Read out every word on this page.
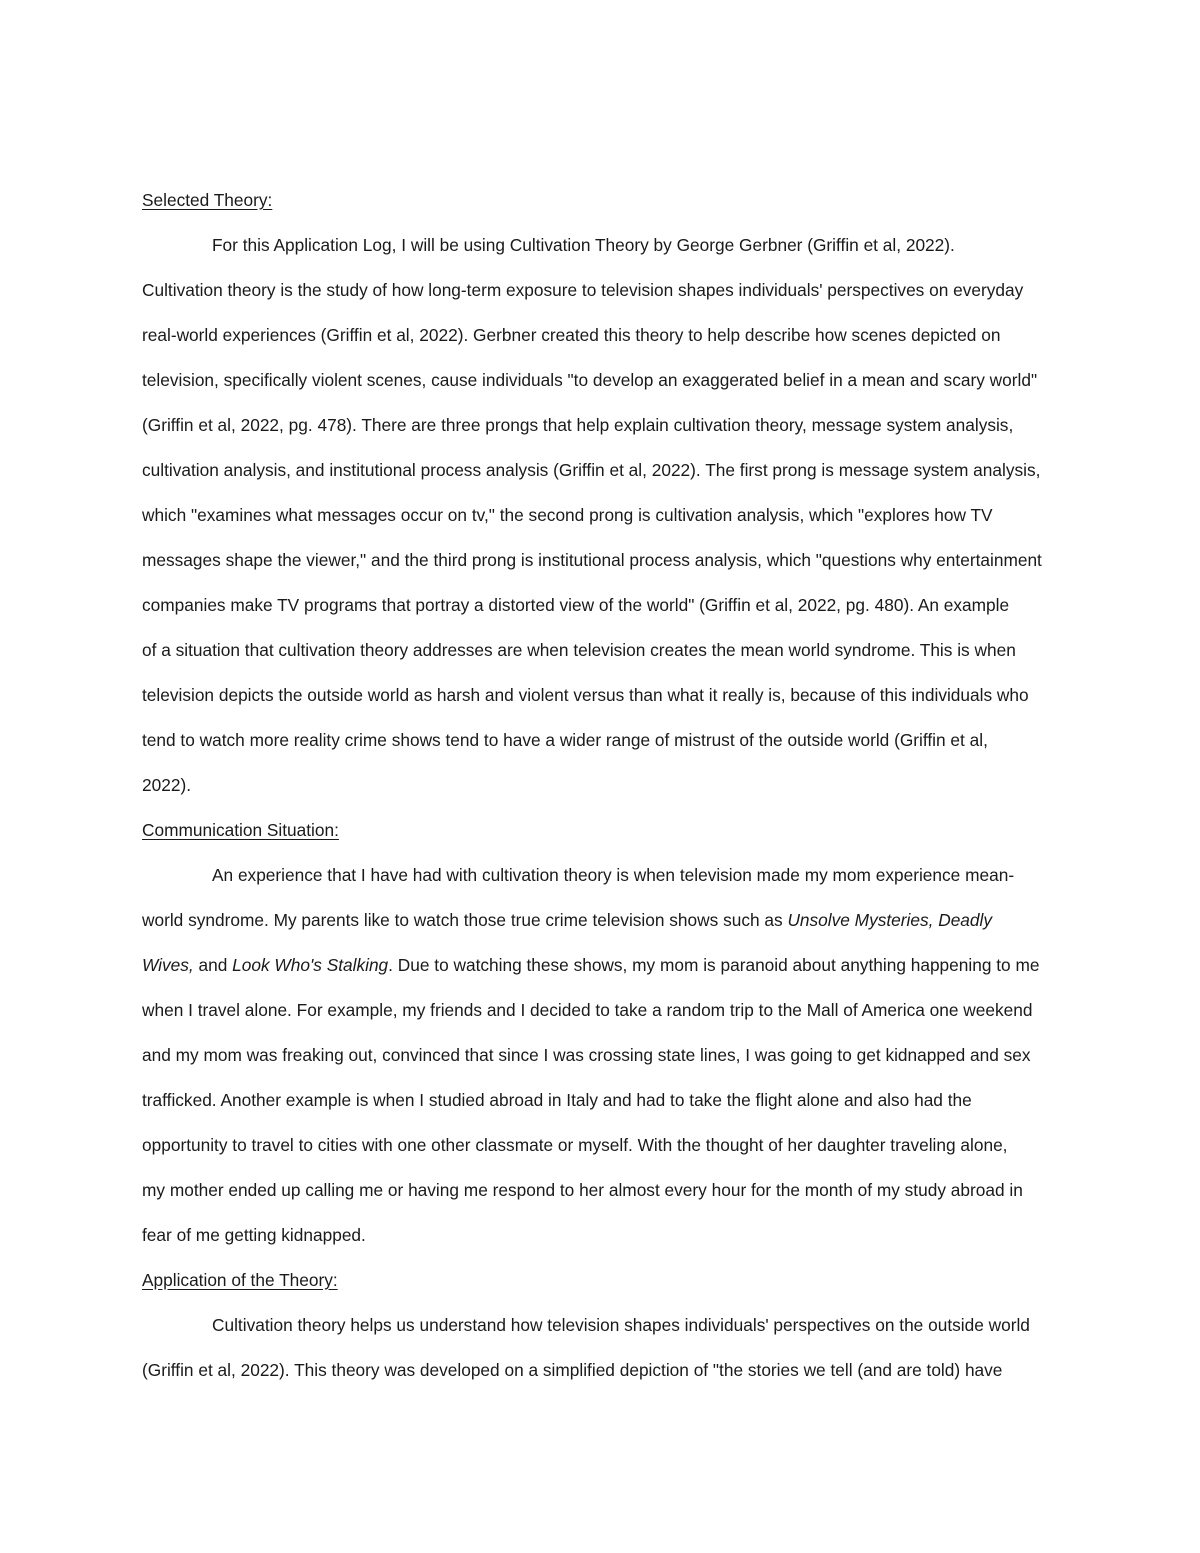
Selected Theory:
For this Application Log, I will be using Cultivation Theory by George Gerbner (Griffin et al, 2022).
Cultivation theory is the study of how long-term exposure to television shapes individuals' perspectives on everyday
real-world experiences (Griffin et al, 2022). Gerbner created this theory to help describe how scenes depicted on
television, specifically violent scenes, cause individuals "to develop an exaggerated belief in a mean and scary world"
(Griffin et al, 2022, pg. 478). There are three prongs that help explain cultivation theory, message system analysis,
cultivation analysis, and institutional process analysis (Griffin et al, 2022). The first prong is message system analysis,
which "examines what messages occur on tv," the second prong is cultivation analysis, which "explores how TV
messages shape the viewer," and the third prong is institutional process analysis, which "questions why entertainment
companies make TV programs that portray a distorted view of the world" (Griffin et al, 2022, pg. 480). An example
of a situation that cultivation theory addresses are when television creates the mean world syndrome. This is when
television depicts the outside world as harsh and violent versus than what it really is, because of this individuals who
tend to watch more reality crime shows tend to have a wider range of mistrust of the outside world (Griffin et al,
2022).
Communication Situation:
An experience that I have had with cultivation theory is when television made my mom experience mean-
world syndrome. My parents like to watch those true crime television shows such as Unsolve Mysteries, Deadly
Wives, and Look Who's Stalking. Due to watching these shows, my mom is paranoid about anything happening to me
when I travel alone. For example, my friends and I decided to take a random trip to the Mall of America one weekend
and my mom was freaking out, convinced that since I was crossing state lines, I was going to get kidnapped and sex
trafficked. Another example is when I studied abroad in Italy and had to take the flight alone and also had the
opportunity to travel to cities with one other classmate or myself. With the thought of her daughter traveling alone,
my mother ended up calling me or having me respond to her almost every hour for the month of my study abroad in
fear of me getting kidnapped.
Application of the Theory:
Cultivation theory helps us understand how television shapes individuals' perspectives on the outside world
(Griffin et al, 2022). This theory was developed on a simplified depiction of "the stories we tell (and are told) have
